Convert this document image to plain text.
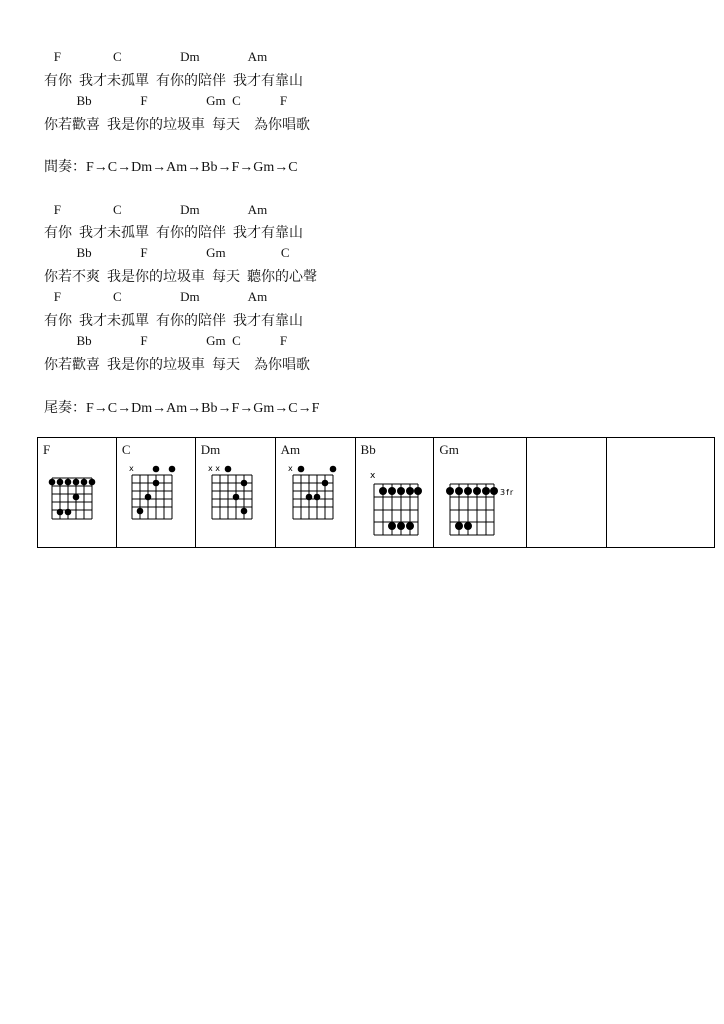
F                C                  Dm               Am
有你  我才未孤單  有你的陪伴  我才有靠山
Bb               F                  Gm  C            F
你若歡喜  我是你的垃圾車  每天    為你唱歌
間奏：F→C→Dm→Am→Bb→F→Gm→C
F                C                  Dm               Am
有你  我才未孤單  有你的陪伴  我才有靠山
Bb               F                  Gm                 C
你若不爽  我是你的垃圾車  每天  聽你的心聲
F                C                  Dm               Am
有你  我才未孤單  有你的陪伴  我才有靠山
Bb               F                  Gm  C            F
你若歡喜  我是你的垃圾車  每天    為你唱歌
尾奏：F→C→Dm→Am→Bb→F→Gm→C→F
F	C
x
Dm
x x
Am
x
Bb
x
Gm
3fr
